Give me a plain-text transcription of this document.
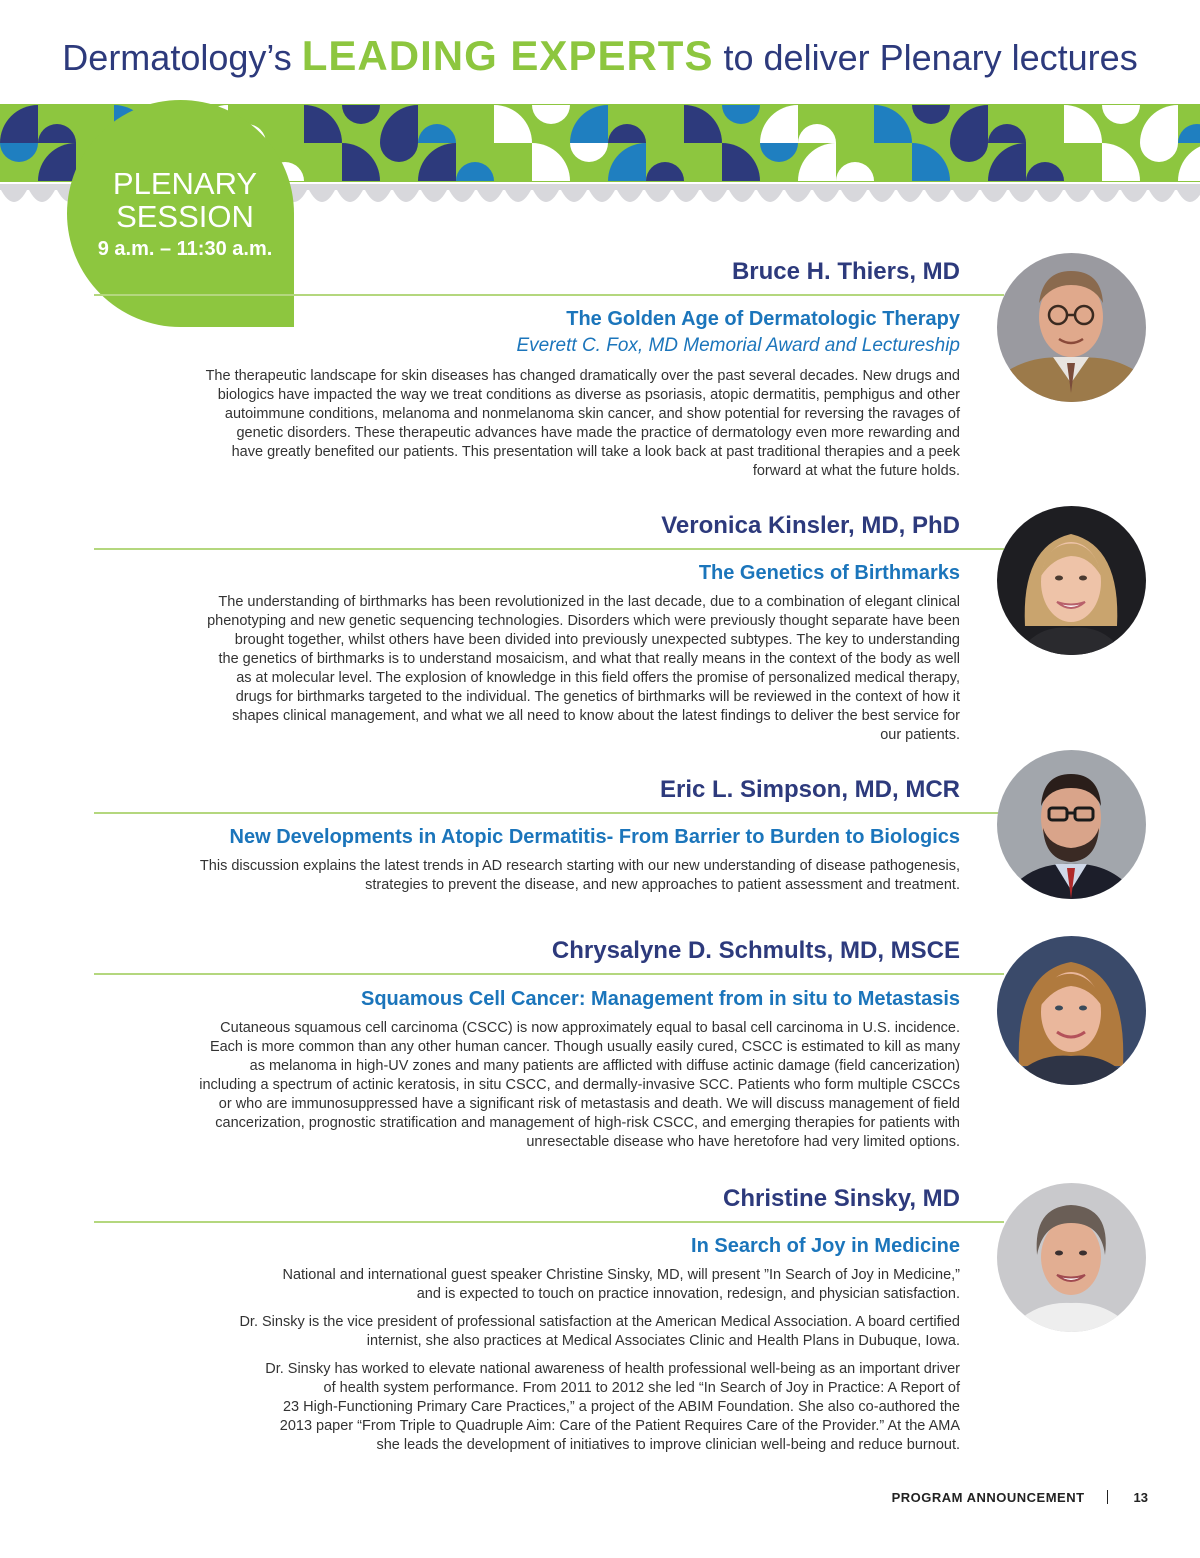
Dermatology’s LEADING EXPERTS to deliver Plenary lectures
PLENARY
SESSION
9 a.m. – 11:30 a.m.
Bruce H. Thiers, MD
The Golden Age of Dermatologic Therapy
Everett C. Fox, MD Memorial Award and Lectureship
The therapeutic landscape for skin diseases has changed dramatically over the past several decades. New drugs and
biologics have impacted the way we treat conditions as diverse as psoriasis, atopic dermatitis, pemphigus and other
autoimmune conditions, melanoma and nonmelanoma skin cancer, and show potential for reversing the ravages of
genetic disorders. These therapeutic advances have made the practice of dermatology even more rewarding and
have greatly benefited our patients. This presentation will take a look back at past traditional therapies and a peek
forward at what the future holds.
Veronica Kinsler, MD, PhD
The Genetics of Birthmarks
The understanding of birthmarks has been revolutionized in the last decade, due to a combination of elegant clinical
phenotyping and new genetic sequencing technologies. Disorders which were previously thought separate have been
brought together, whilst others have been divided into previously unexpected subtypes. The key to understanding
the genetics of birthmarks is to understand mosaicism, and what that really means in the context of the body as well
as at molecular level. The explosion of knowledge in this field offers the promise of personalized medical therapy,
drugs for birthmarks targeted to the individual. The genetics of birthmarks will be reviewed in the context of how it
shapes clinical management, and what we all need to know about the latest findings to deliver the best service for
our patients.
Eric L. Simpson, MD, MCR
New Developments in Atopic Dermatitis- From Barrier to Burden to Biologics
This discussion explains the latest trends in AD research starting with our new understanding of disease pathogenesis,
strategies to prevent the disease, and new approaches to patient assessment and treatment.
Chrysalyne D. Schmults, MD, MSCE
Squamous Cell Cancer: Management from in situ to Metastasis
Cutaneous squamous cell carcinoma (CSCC) is now approximately equal to basal cell carcinoma in U.S. incidence.
Each is more common than any other human cancer. Though usually easily cured, CSCC is estimated to kill as many
as melanoma in high-UV zones and many patients are afflicted with diffuse actinic damage (field cancerization)
including a spectrum of actinic keratosis, in situ CSCC, and dermally-invasive SCC. Patients who form multiple CSCCs
or who are immunosuppressed have a significant risk of metastasis and death. We will discuss management of field
cancerization, prognostic stratification and management of high-risk CSCC, and emerging therapies for patients with
unresectable disease who have heretofore had very limited options.
Christine Sinsky, MD
In Search of Joy in Medicine
National and international guest speaker Christine Sinsky, MD, will present ”In Search of Joy in Medicine,”
and is expected to touch on practice innovation, redesign, and physician satisfaction.
Dr. Sinsky is the vice president of professional satisfaction at the American Medical Association. A board certified
internist, she also practices at Medical Associates Clinic and Health Plans in Dubuque, Iowa.
Dr. Sinsky has worked to elevate national awareness of health professional well-being as an important driver
of health system performance. From 2011 to 2012 she led “In Search of Joy in Practice: A Report of
23 High-Functioning Primary Care Practices,” a project of the ABIM Foundation. She also co-authored the
2013 paper “From Triple to Quadruple Aim: Care of the Patient Requires Care of the Provider.” At the AMA
she leads the development of initiatives to improve clinician well-being and reduce burnout.
PROGRAM ANNOUNCEMENT	13
